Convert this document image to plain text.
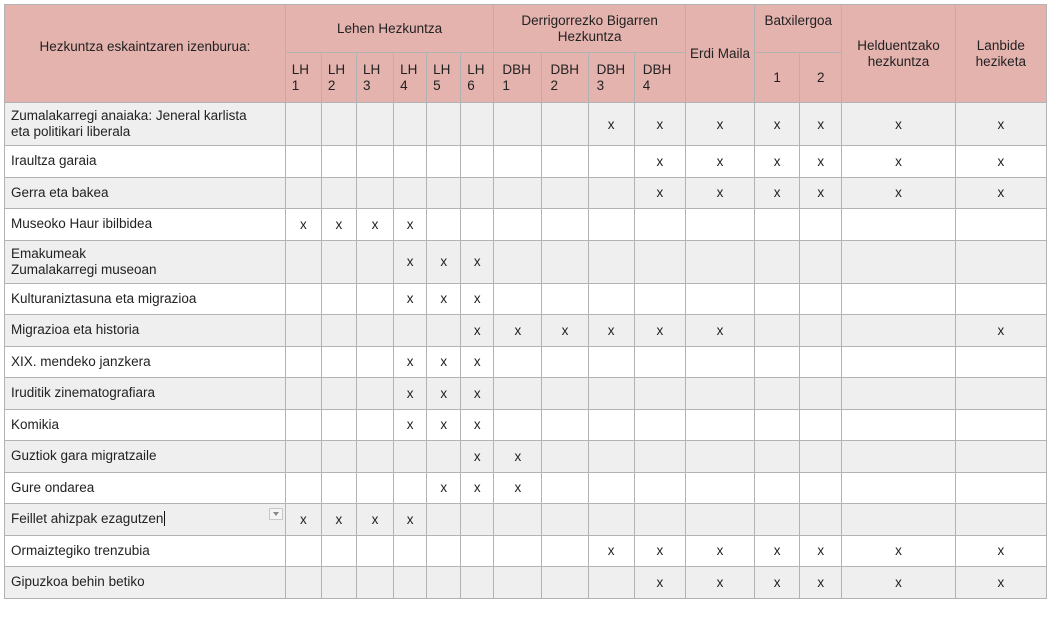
Hezkuntza eskaintzaren izenburua:	Lehen Hezkuntza						Derrigorrezko Bigarren Hezkuntza				Erdi Maila	Batxilergoa		Helduentzako hezkuntza	Lanbide heziketa
	LH 1	LH 2	LH 3	LH 4	LH 5	LH 6	DBH 1	DBH 2	DBH 3	DBH 4		1	2		
Zumalakarregi anaiaka: Jeneral karlista
eta politikari liberala									x	x	x	x	x	x	x
Iraultza garaia										x	x	x	x	x	x
Gerra eta bakea										x	x	x	x	x	x
Museoko Haur ibilbidea	x	x	x	x											
Emakumeak
Zumalakarregi museoan				x	x	x									
Kulturaniztasuna eta migrazioa				x	x	x									
Migrazioa eta historia						x	x	x	x	x	x				x
XIX. mendeko janzkera				x	x	x									
Iruditik zinematografiara				x	x	x									
Komikia				x	x	x									
Guztiok gara migratzaile						x	x								
Gure ondarea					x	x	x								
Feillet ahizpak ezagutzen	x	x	x	x											
Ormaiztegiko trenzubia									x	x	x	x	x	x	x
Gipuzkoa behin betiko										x	x	x	x	x	x
